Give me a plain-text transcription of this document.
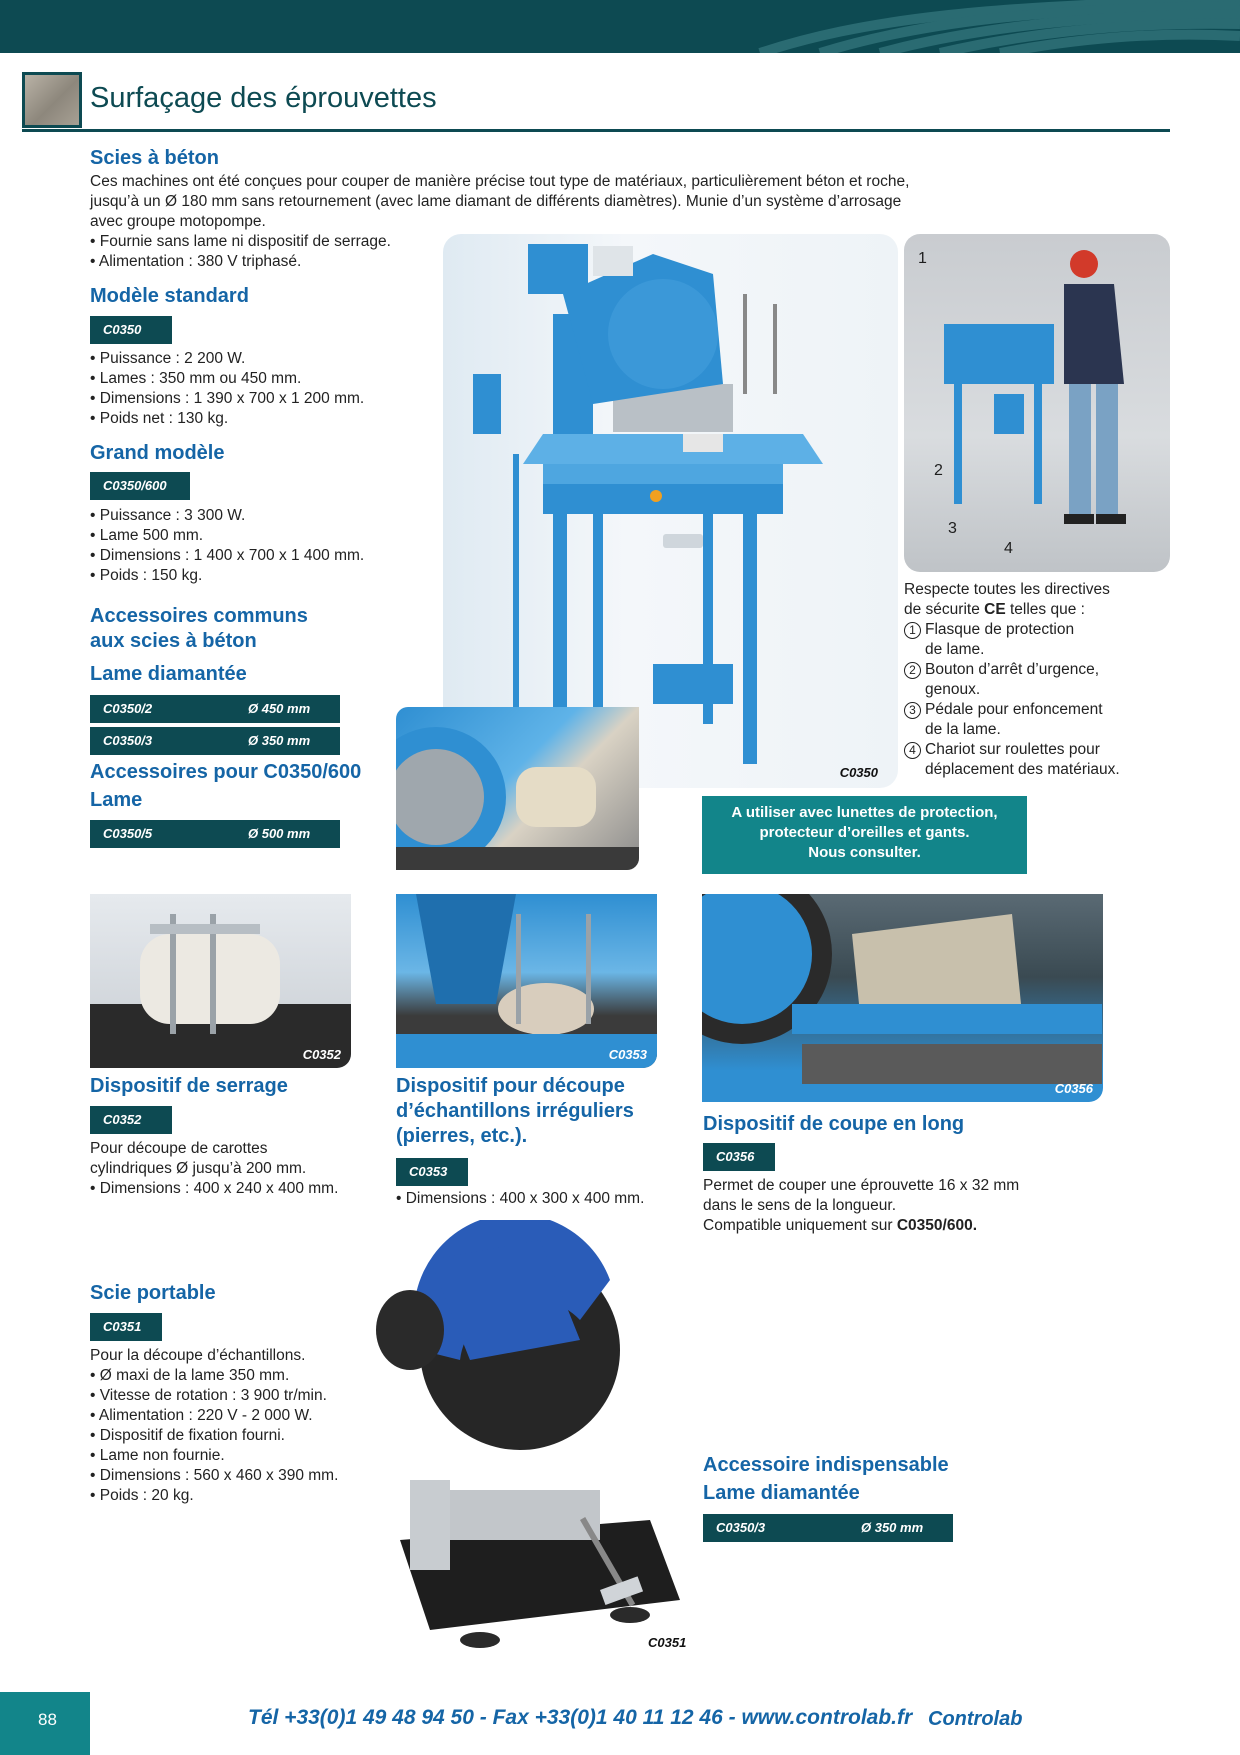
Surfaçage des éprouvettes
Scies à béton
Ces machines ont été conçues pour couper de manière précise tout type de matériaux, particulièrement béton et roche,
jusqu’à un Ø 180 mm sans retournement (avec lame diamant de différents diamètres). Munie d’un système d’arrosage
avec groupe motopompe.
• Fournie sans lame ni dispositif de serrage.
• Alimentation : 380 V triphasé.
Modèle standard
C0350
• Puissance : 2 200 W.
• Lames : 350 mm ou 450 mm.
• Dimensions : 1 390 x 700 x 1 200 mm.
• Poids net : 130 kg.
Grand modèle
C0350/600
• Puissance : 3 300 W.
• Lame 500 mm.
• Dimensions : 1 400 x 700 x 1 400 mm.
• Poids : 150 kg.
Accessoires communs
aux scies à béton
Lame diamantée
C0350/2	Ø 450 mm
C0350/3	Ø 350 mm
Accessoires pour C0350/600
Lame
C0350/5	Ø 500 mm
C0350
1
2
3
4
Respecte toutes les directives
de sécurite CE telles que :
1 Flasque de protection
de lame.
2 Bouton d’arrêt d’urgence,
genoux.
3 Pédale pour enfoncement
de la lame.
4 Chariot sur roulettes pour
déplacement des matériaux.
A utiliser avec lunettes de protection,
protecteur d’oreilles et gants.
Nous consulter.
C0352
Dispositif de serrage
C0352
Pour découpe de carottes
cylindriques Ø jusqu’à 200 mm.
• Dimensions : 400 x 240 x 400 mm.
C0353
Dispositif pour découpe
d’échantillons irréguliers
(pierres, etc.).
C0353
• Dimensions : 400 x 300 x 400 mm.
C0356
Dispositif de coupe en long
C0356
Permet de couper une éprouvette 16 x 32 mm
dans le sens de la longueur.
Compatible uniquement sur C0350/600.
Scie portable
C0351
Pour la découpe d’échantillons.
• Ø maxi de la lame 350 mm.
• Vitesse de rotation : 3 900 tr/min.
• Alimentation : 220 V - 2 000 W.
• Dispositif de fixation fourni.
• Lame non fournie.
• Dimensions : 560 x 460 x 390 mm.
• Poids : 20 kg.
C0351
Accessoire indispensable
Lame diamantée
C0350/3	Ø 350 mm
88	Tél +33(0)1 49 48 94 50 - Fax +33(0)1 40 11 12 46 - www.controlab.fr Controlab
